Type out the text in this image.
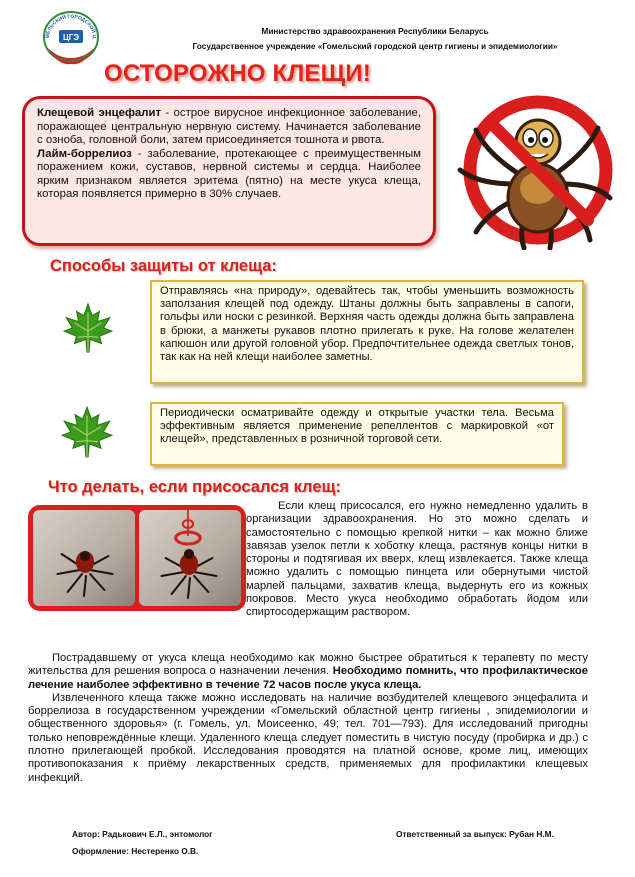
МЕЛЬСКИЙ ГОРОДСКОЙ Ц
ЦГЭ
Министерство здравоохранения Республики Беларусь
Государственное учреждение «Гомельский городской центр гигиены и эпидемиологии»
ОСТОРОЖНО КЛЕЩИ!

Клещевой энцефалит - острое вирусное инфекционное заболевание, поражающее центральную нервную систему. Начинается заболевание с озноба, головной боли, затем присоединяется тошнота и рвота.

Лайм-боррелиоз - заболевание, протекающее с преимущественным поражением кожи, суставов, нервной системы и сердца. Наиболее ярким признаком является эритема (пятно) на месте укуса клеща, которая появляется примерно в 30% случаев.

Способы защиты от клеща:
Отправляясь «на природу», одевайтесь так, чтобы уменьшить возможность заползания клещей под одежду. Штаны должны быть заправлены в сапоги, гольфы или носки с резинкой. Верхняя часть одежды должна быть заправлена в брюки, а манжеты рукавов плотно прилегать к руке. На голове желателен капюшон или другой головной убор. Предпочтительнее одежда светлых тонов, так как на ней клещи наиболее заметны.
Периодически осматривайте одежду и открытые участки тела. Весьма эффективным является применение репеллентов с маркировкой «от клещей», представленных в розничной торговой сети.
Что делать, если присосался клещ:

Если клещ присосался, его нужно немедленно удалить в организации здравоохранения. Но это можно сделать и самостоятельно с помощью крепкой нитки – как можно ближе завязав узелок петли к хоботку клеща, растянув концы нитки в стороны и подтягивая их вверх, клещ извлекается. Также клеща можно удалить с помощью пинцета или обернутыми чистой марлей пальцами, захватив клеща, выдернуть его из кожных покровов. Место укуса необходимо обработать йодом или спиртосодержащим раствором.

Пострадавшему от укуса клеща необходимо как можно быстрее обратиться к терапевту по месту жительства для решения вопроса о назначении лечения. Необходимо помнить, что профилактическое лечение наиболее эффективно в течение 72 часов после укуса клеща.

Извлеченного клеща также можно исследовать на наличие возбудителей клещевого энцефалита и боррелиоза в государственном учреждении «Гомельский областной центр гигиены , эпидемиологии и общественного здоровья» (г. Гомель, ул. Моисеенко, 49; тел. 701—793). Для исследований пригодны только неповреждённые клещи. Удаленного клеща следует поместить в чистую посуду (пробирка и др.) с плотно прилегающей пробкой. Исследования проводятся на платной основе, кроме лиц, имеющих противопоказания к приёму лекарственных средств, применяемых для профилактики клещевых инфекций.

Автор: Радькович Е.Л., энтомолог
Оформление: Нестеренко О.В.
Ответственный за выпуск: Рубан Н.М.
